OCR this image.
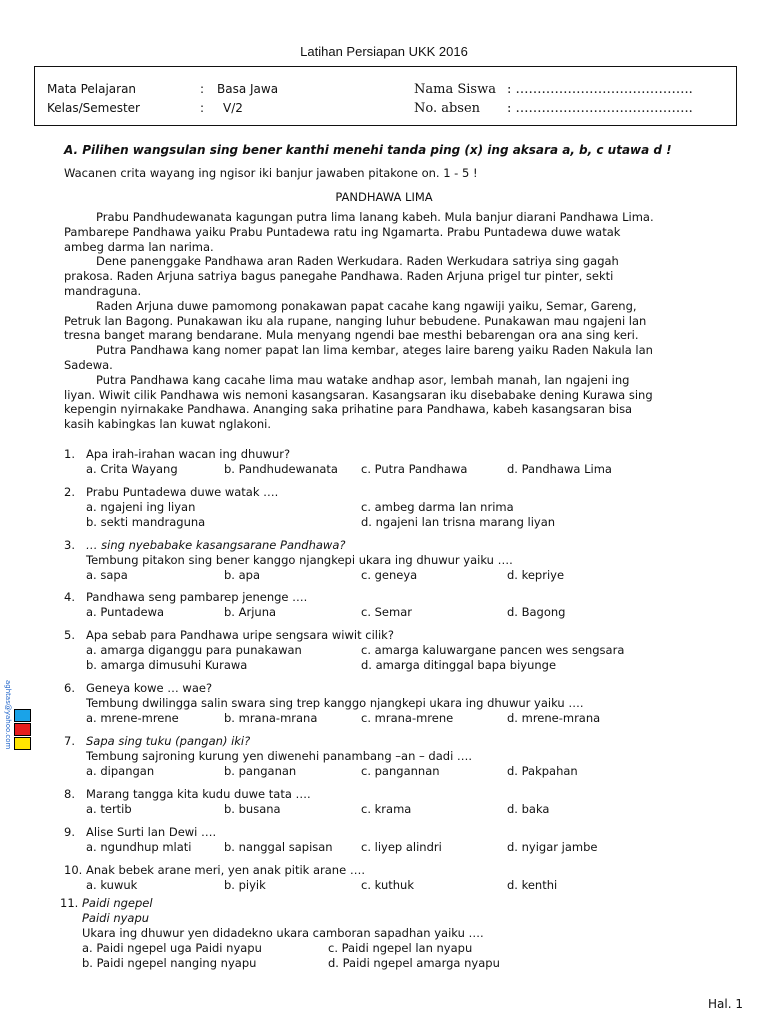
Latihan Persiapan UKK 2016
Mata Pelajaran	: Basa Jawa
Kelas/Semester	: V/2
Nama Siswa : …………………………………..
No. absen : …………………………………..
A. Pilihen wangsulan sing bener kanthi menehi tanda ping (x) ing aksara a, b, c utawa d !
Wacanen crita wayang ing ngisor iki banjur jawaben pitakone on. 1 - 5 !
PANDHAWA LIMA

Prabu Pandhudewanata kagungan putra lima lanang kabeh. Mula banjur diarani Pandhawa Lima. Pambarepe Pandhawa yaiku Prabu Puntadewa ratu ing Ngamarta. Prabu Puntadewa duwe watak ambeg darma lan narima.

Dene panenggake Pandhawa aran Raden Werkudara. Raden Werkudara satriya sing gagah prakosa. Raden Arjuna satriya bagus panegahe Pandhawa. Raden Arjuna prigel tur pinter, sekti mandraguna.

Raden Arjuna duwe pamomong ponakawan papat cacahe kang ngawiji yaiku, Semar, Gareng, Petruk lan Bagong. Punakawan iku ala rupane, nanging luhur bebudene. Punakawan mau ngajeni lan tresna banget marang bendarane. Mula menyang ngendi bae mesthi bebarengan ora ana sing keri.

Putra Pandhawa kang nomer papat lan lima kembar, ateges laire bareng yaiku Raden Nakula lan Sadewa.

Putra Pandhawa kang cacahe lima mau watake andhap asor, lembah manah, lan ngajeni ing liyan. Wiwit cilik Pandhawa wis nemoni kasangsaran. Kasangsaran iku disebabake dening Kurawa sing kepengin nyirnakake Pandhawa. Ananging saka prihatine para Pandhawa, kabeh kasangsaran bisa kasih kabingkas lan kuwat nglakoni.

1. Apa irah-irahan wacan ing dhuwur?
a. Crita Wayang	b. Pandhudewanata c. Putra Pandhawa	d. Pandhawa Lima
2. Prabu Puntadewa duwe watak ….
a. ngajeni ing liyan	c. ambeg darma lan nrima
b. sekti mandraguna	d. ngajeni lan trisna marang liyan
3. … sing nyebabake kasangsarane Pandhawa?
Tembung pitakon sing bener kanggo njangkepi ukara ing dhuwur yaiku ….
a. sapa	b. apa	c. geneya	d. kepriye
4. Pandhawa seng pambarep jenenge ….
a. Puntadewa	b. Arjuna	c. Semar	d. Bagong
5. Apa sebab para Pandhawa uripe sengsara wiwit cilik?
a. amarga diganggu para punakawan	c. amarga kaluwargane pancen wes sengsara
b. amarga dimusuhi Kurawa	d. amarga ditinggal bapa biyunge
6. Geneya kowe … wae?
Tembung dwilingga salin swara sing trep kanggo njangkepi ukara ing dhuwur yaiku ….
a. mrene-mrene	b. mrana-mrana	c. mrana-mrene	d. mrene-mrana
7. Sapa sing tuku (pangan) iki?
Tembung sajroning kurung yen diwenehi panambang –an – dadi ….
a. dipangan	b. panganan	c. pangannan	d. Pakpahan
8. Marang tangga kita kudu duwe tata ….
a. tertib	b. busana	c. krama	d. baka
9. Alise Surti lan Dewi ….
a. ngundhup mlati	b. nanggal sapisan c. liyep alindri	d. nyigar jambe
10. Anak bebek arane meri, yen anak pitik arane ….
a. kuwuk	b. piyik	c. kuthuk	d. kenthi
11. Paidi ngepel
Paidi nyapu
Ukara ing dhuwur yen didadekno ukara camboran sapadhan yaiku ….
a. Paidi ngepel uga Paidi nyapu	c. Paidi ngepel lan nyapu
b. Paidi ngepel nanging nyapu	d. Paidi ngepel amarga nyapu
aghtas@yahoo.com
Hal. 1
